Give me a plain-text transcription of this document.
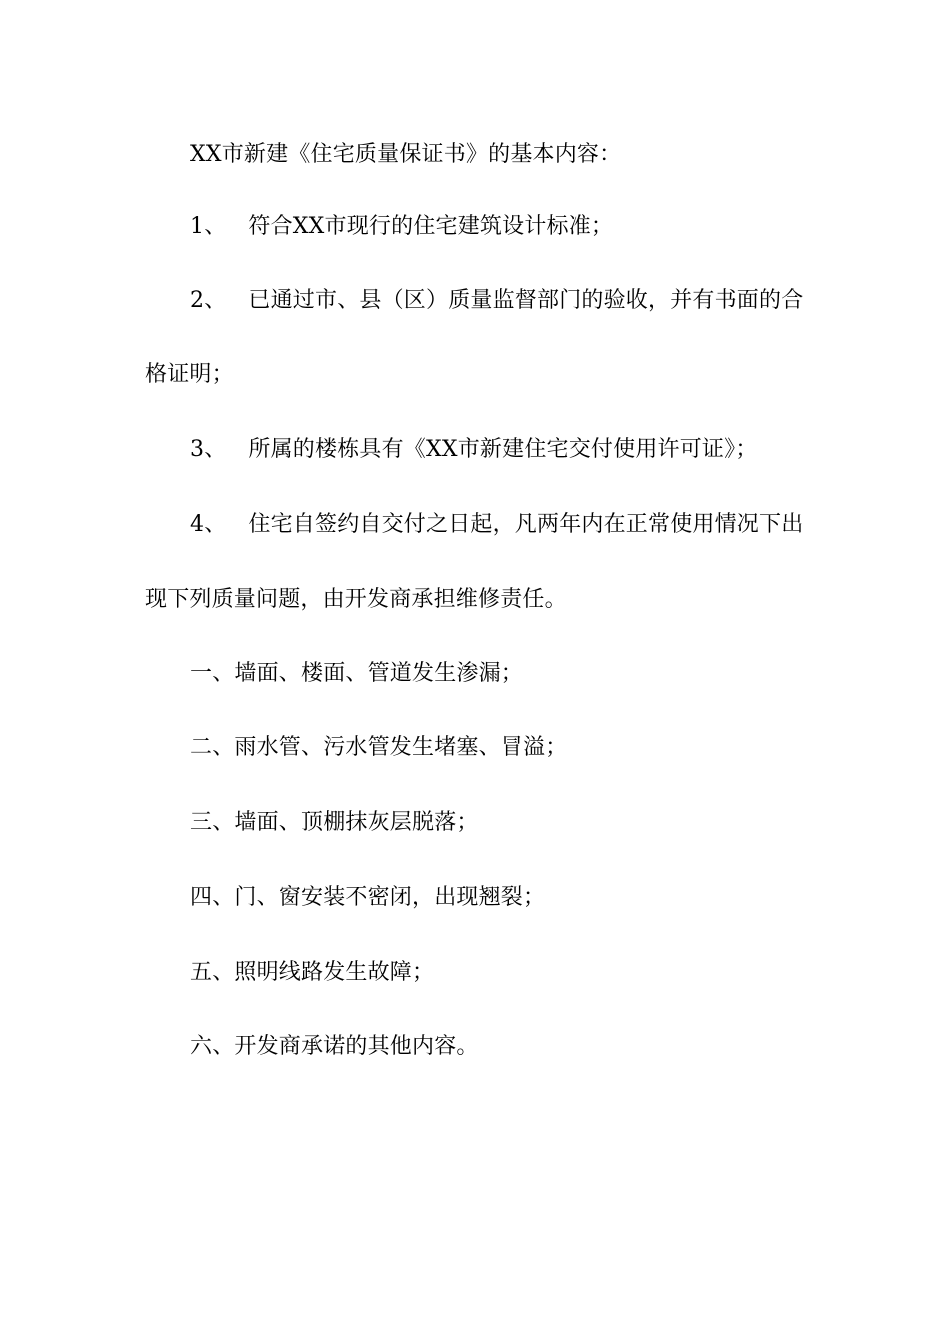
XX市新建《住宅质量保证书》的基本内容：
1、 符合XX市现行的住宅建筑设计标准；
2、 已通过市、县（区）质量监督部门的验收，并有书面的合
格证明；
3、 所属的楼栋具有《XX市新建住宅交付使用许可证》；
4、 住宅自签约自交付之日起，凡两年内在正常使用情况下出
现下列质量问题，由开发商承担维修责任。
一、墙面、楼面、管道发生渗漏；
二、雨水管、污水管发生堵塞、冒溢；
三、墙面、顶棚抹灰层脱落；
四、门、窗安装不密闭，出现翘裂；
五、照明线路发生故障；
六、开发商承诺的其他内容。
